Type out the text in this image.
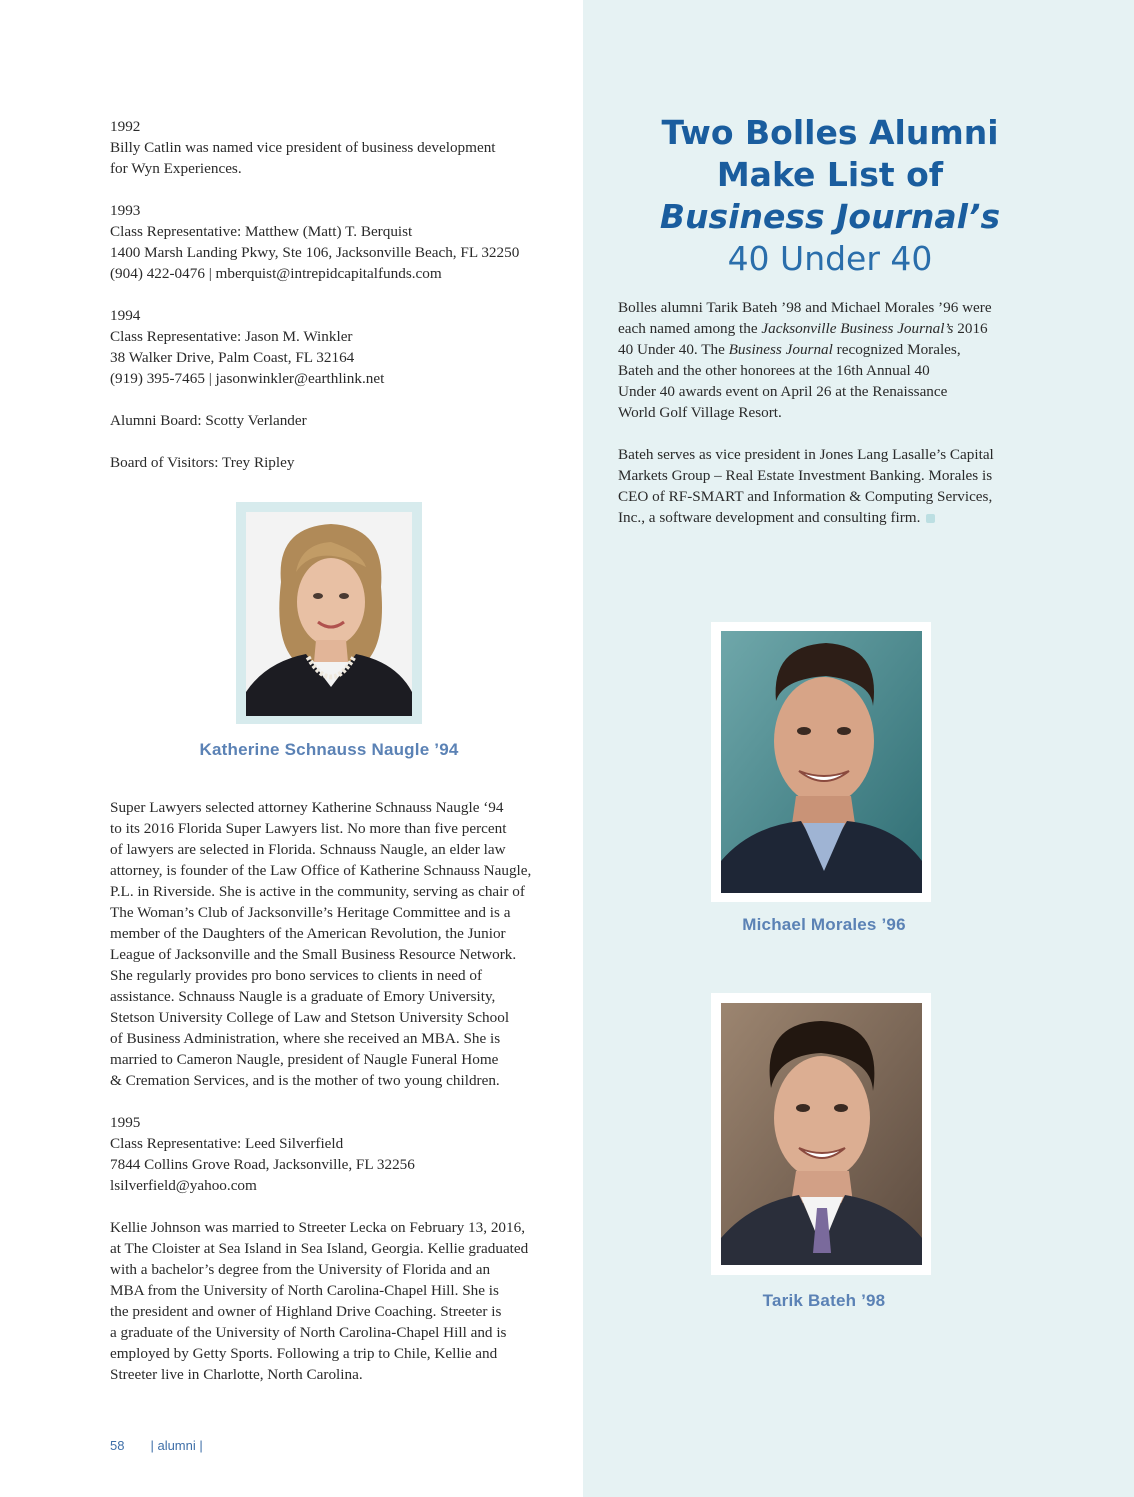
1992

Billy Catlin was named vice president of business development

for Wyn Experiences.

1993

Class Representative: Matthew (Matt) T. Berquist

1400 Marsh Landing Pkwy, Ste 106, Jacksonville Beach, FL 32250

(904) 422-0476 | mberquist@intrepidcapitalfunds.com

1994

Class Representative: Jason M. Winkler

38 Walker Drive, Palm Coast, FL 32164

(919) 395-7465 | jasonwinkler@earthlink.net

Alumni Board: Scotty Verlander

Board of Visitors: Trey Ripley

Katherine Schnauss Naugle ’94

Super Lawyers selected attorney Katherine Schnauss Naugle ‘94

to its 2016 Florida Super Lawyers list. No more than five percent

of lawyers are selected in Florida. Schnauss Naugle, an elder law

attorney, is founder of the Law Office of Katherine Schnauss Naugle,

P.L. in Riverside. She is active in the community, serving as chair of

The Woman’s Club of Jacksonville’s Heritage Committee and is a

member of the Daughters of the American Revolution, the Junior

League of Jacksonville and the Small Business Resource Network.

She regularly provides pro bono services to clients in need of

assistance. Schnauss Naugle is a graduate of Emory University,

Stetson University College of Law and Stetson University School

of Business Administration, where she received an MBA. She is

married to Cameron Naugle, president of Naugle Funeral Home

& Cremation Services, and is the mother of two young children.

1995

Class Representative: Leed Silverfield

7844 Collins Grove Road, Jacksonville, FL 32256

lsilverfield@yahoo.com

Kellie Johnson was married to Streeter Lecka on February 13, 2016,

at The Cloister at Sea Island in Sea Island, Georgia. Kellie graduated

with a bachelor’s degree from the University of Florida and an

MBA from the University of North Carolina-Chapel Hill. She is

the president and owner of Highland Drive Coaching. Streeter is

a graduate of the University of North Carolina-Chapel Hill and is

employed by Getty Sports. Following a trip to Chile, Kellie and

Streeter live in Charlotte, North Carolina.

Two Bolles Alumni
Make List of
Business Journal’s
40 Under 40

Bolles alumni Tarik Bateh ’98 and Michael Morales ’96 were
each named among the Jacksonville Business Journal’s 2016
40 Under 40. The Business Journal recognized Morales,
Bateh and the other honorees at the 16th Annual 40
Under 40 awards event on April 26 at the Renaissance
World Golf Village Resort.

Bateh serves as vice president in Jones Lang Lasalle’s Capital
Markets Group – Real Estate Investment Banking. Morales is
CEO of RF-SMART and Information & Computing Services,
Inc., a software development and consulting firm.

Michael Morales ’96
Tarik Bateh ’98
58 | alumni |
